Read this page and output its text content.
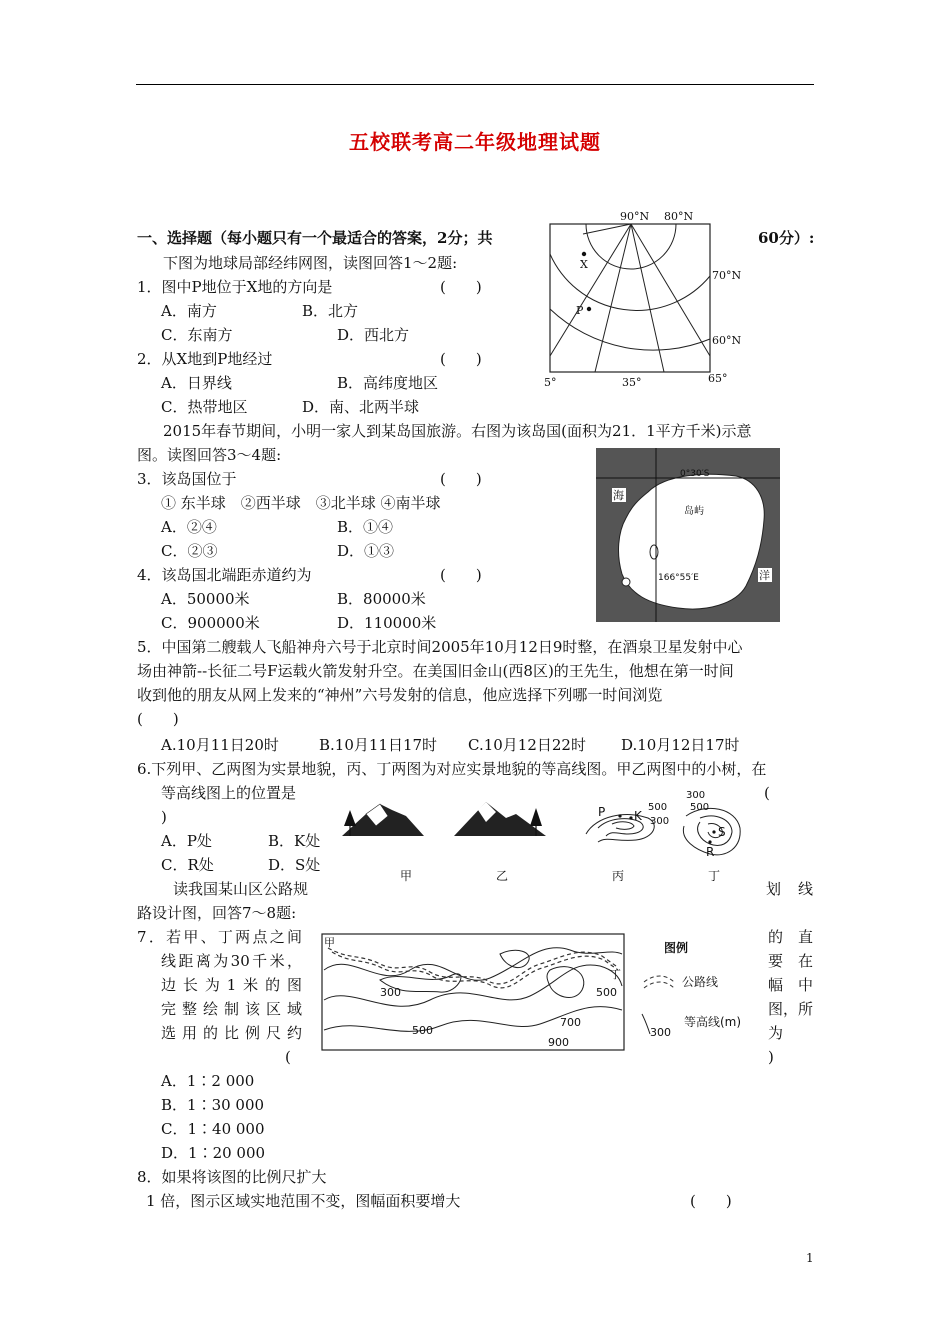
五校联考高二年级地理试题
一、选择题（每小题只有一个最适合的答案，2分；共	60分）:
下图为地球局部经纬网图，读图回答1～2题:
1．图中P地位于X地的方向是	(　　)
A．南方	B．北方
C．东南方	D．西北方
2．从X地到P地经过	(　　)
A．日界线	B．高纬度地区
C．热带地区	D．南、北两半球
90°N 80°N
70°N
60°N
5°	35°	65°
X
P
2015年春节期间，小明一家人到某岛国旅游。右图为该岛国(面积为21．1平方千米)示意
图。读图回答3～4题:
3．该岛国位于	(　　)
① 东半球　②西半球　③北半球 ④南半球
A．②④	B．①④
C．②③	D．①③
4．该岛国北端距赤道约为	(　　)
A．50000米	B．80000米
C．900000米	D．110000米
0°30′S
166°55′E
岛屿
海
洋
5．中国第二艘载人飞船神舟六号于北京时间2005年10月12日9时整，在酒泉卫星发射中心
场由神箭--长征二号F运载火箭发射升空。在美国旧金山(西8区)的王先生，他想在第一时间
收到他的朋友从网上发来的“神州”六号发射的信息，他应选择下列哪一时间浏览
(　　)
A.10月11日20时	B.10月11日17时 C.10月12日22时 D.10月12日17时
6.下列甲、乙两图为实景地貌，丙、丁两图为对应实景地貌的等高线图。甲乙两图中的小树，在
等高线图上的位置是	(
)
A．P处	B．K处
C．R处	D．S处
P K
500
300
300
500
S
R
甲	乙	丙	丁
读我国某山区公路规	划 线
路设计图，回答7～8题:
7．若甲、丁两点之间
线距离为30千米，
边长为1米的图
完整绘制该区域
选用的比例尺约
(
的　直
要　在
幅　中
图，所
为
)
甲
丁
300
500
500
700
900
图例
公路线
300
等高线(m)
A．1∶2 000
B．1∶30 000
C．1∶40 000
D．1∶20 000
8．如果将该图的比例尺扩大
1 倍，图示区域实地范围不变，图幅面积要增大	(　　)
1
